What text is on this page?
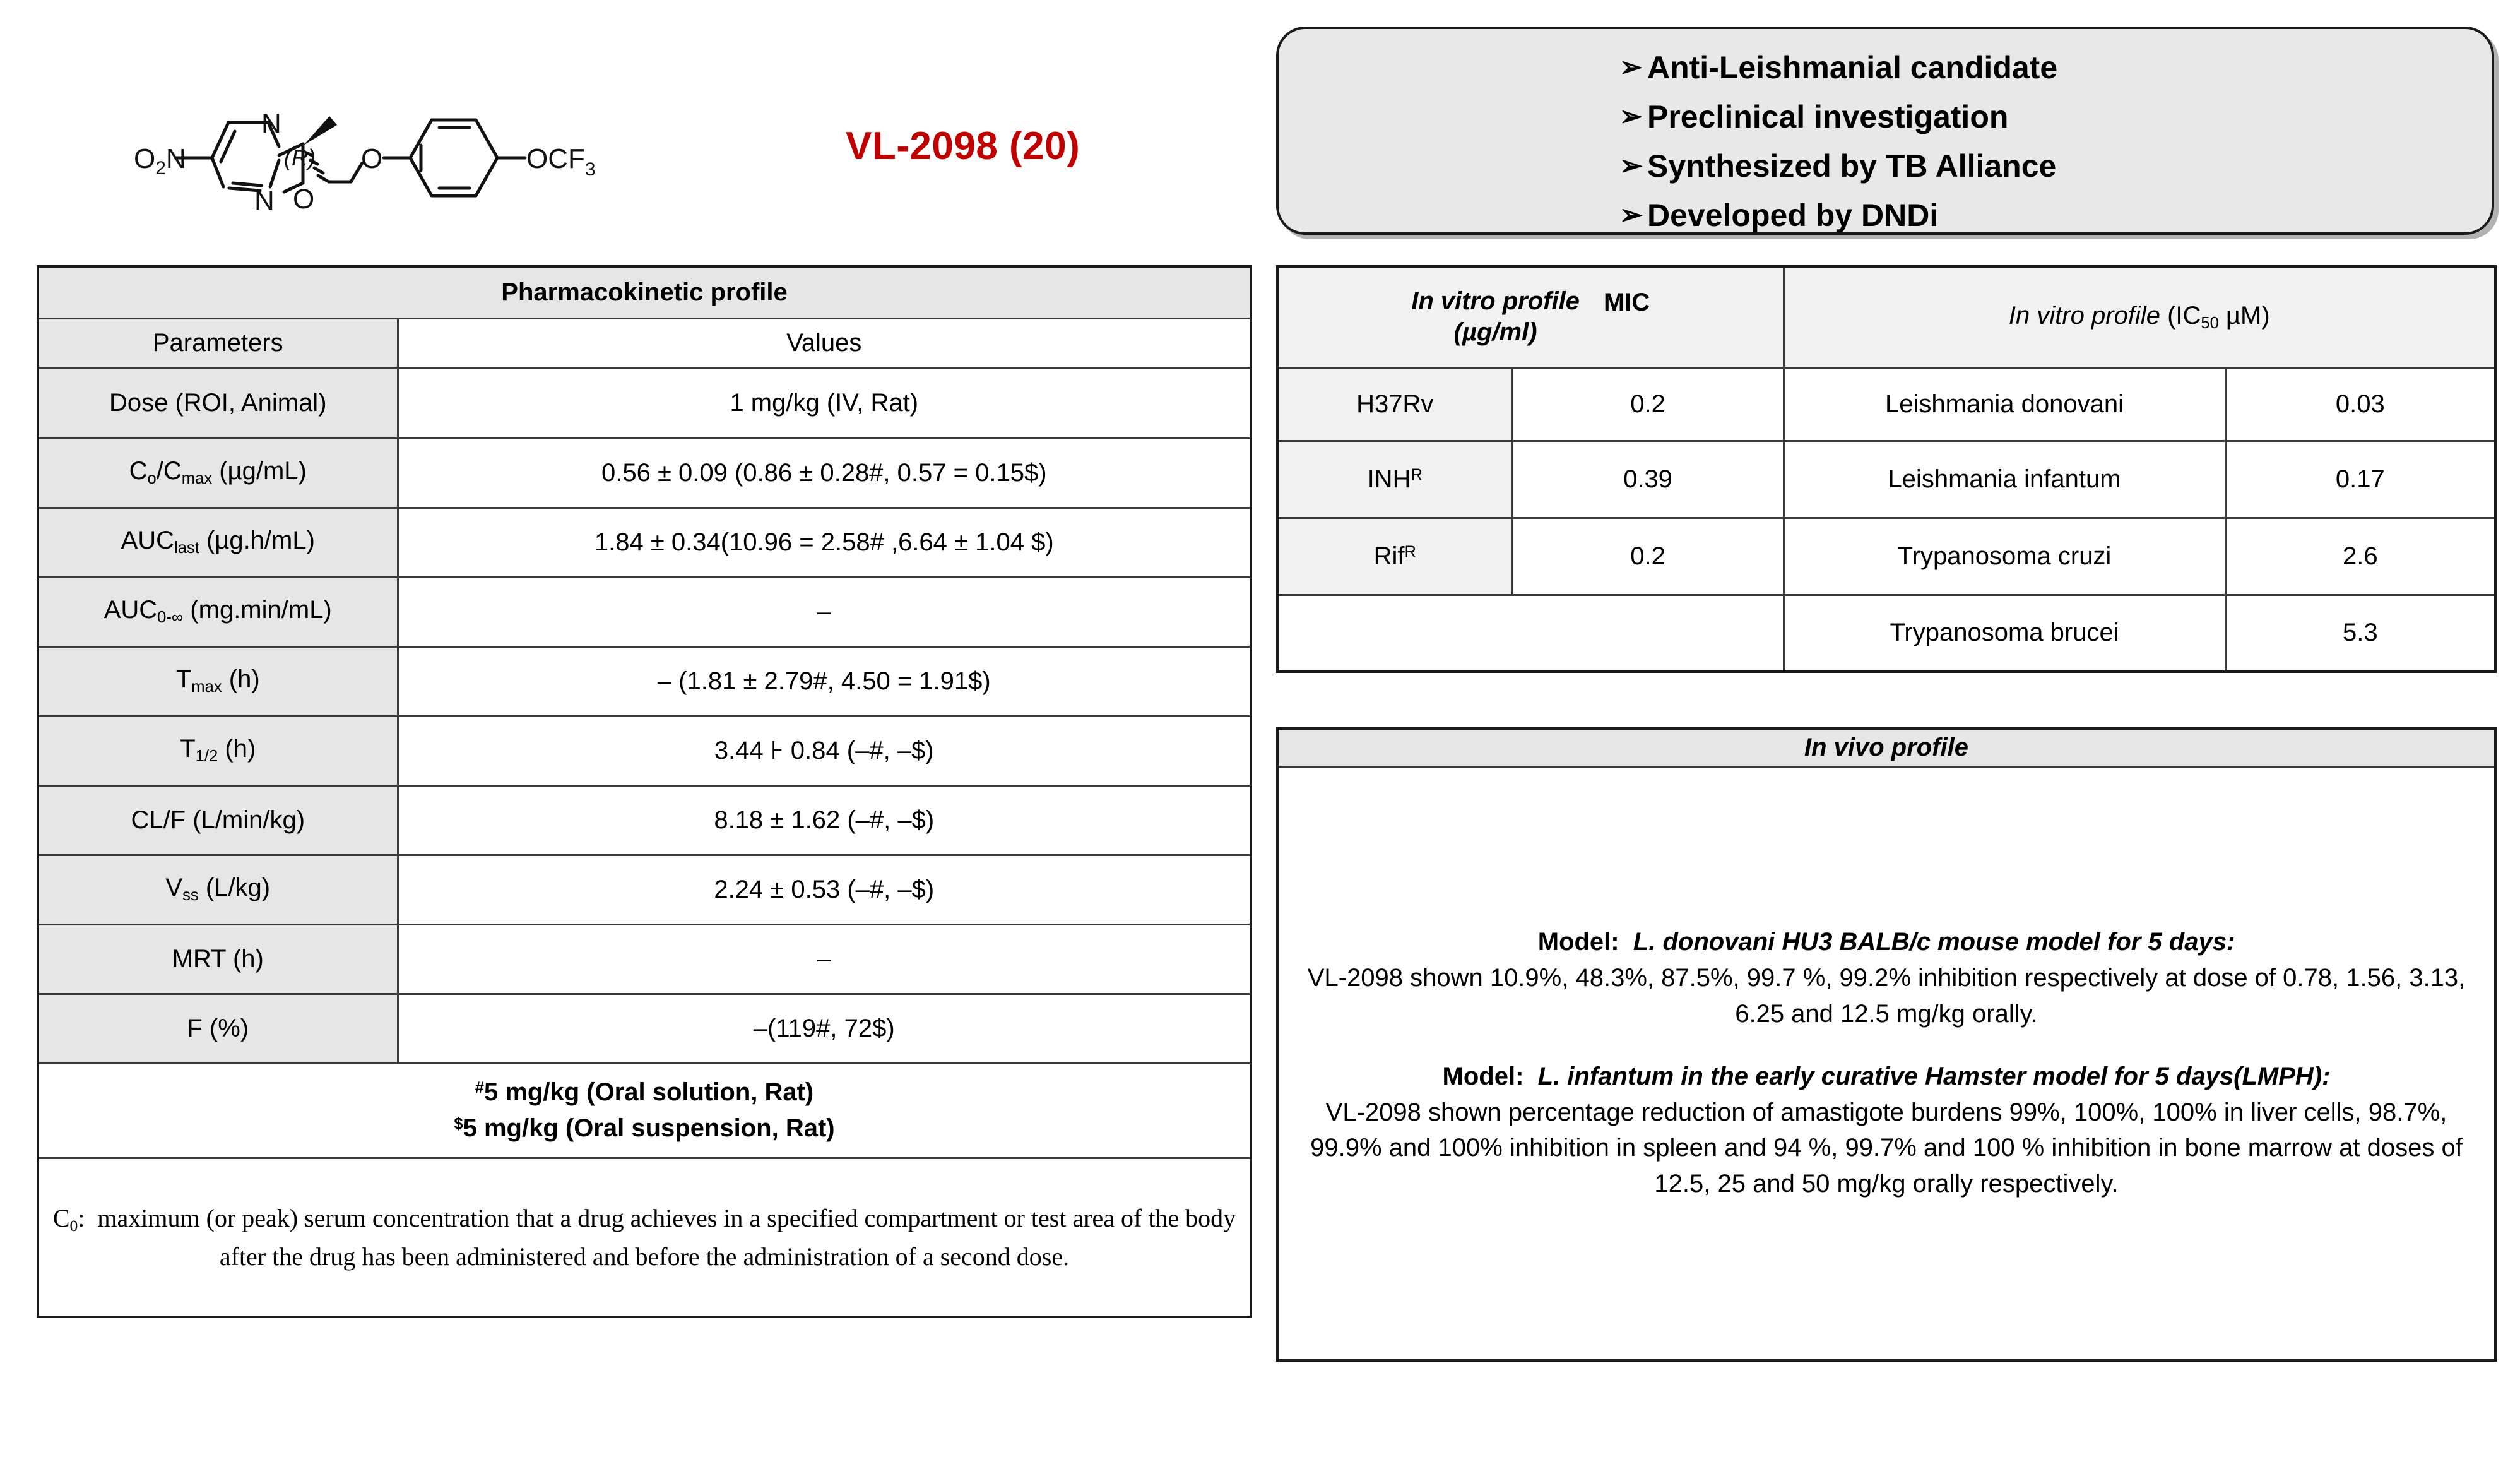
$O_2N$
N
N O
(R) O	$OCF_3$
VL-2098 (20)
➢ Anti-Leishmanial candidate
➢ Preclinical investigation
➢ Synthesized by TB Alliance
➢ Developed by DNDi
Pharmacokinetic profile	
Parameters	Values
Dose (ROI, Animal)	1 mg/kg (IV, Rat)
$C_o/C_{max}$ (µg/mL)	0.56 ± 0.09 (0.86 ± 0.28#, 0.57 = 0.15$)
$AUC_{last}$ (µg.h/mL)	1.84 ± 0.34(10.96 = 2.58# ,6.64 ± 1.04 $)
$AUC_{0-\infty}$ (mg.min/mL)	–
$T_{max}$ (h)	– (1.81 ± 2.79#, 4.50 = 1.91$)
$T_{1/2}$ (h)	3.44 ⊦ 0.84 (–#, –$)
CL/F (L/min/kg)	8.18 ± 1.62 (–#, –$)
$V_{ss}$ (L/kg)	2.24 ± 0.53 (–#, –$)
MRT (h)	–
F (%)	–(119#, 72$)
#5 mg/kg (Oral solution, Rat)
$5 mg/kg (Oral suspension, Rat)	
$C_0$:  maximum (or peak) serum concentration that a drug achieves in a specified compartment or test area of the body after the drug has been administered and before the administration of a second dose.	
In vitro profile
(µg/ml)
MIC		In vitro profile ($IC_{50}$ µM)	
H37Rv	0.2	Leishmania donovani	0.03
$INH^R$	0.39	Leishmania infantum	0.17
Rif$^R$	0.2	Trypanosoma cruzi	2.6
		Trypanosoma brucei	5.3
In vivo profile

Model: L. donovani HU3 BALB/c mouse model for 5 days:
VL-2098 shown 10.9%, 48.3%, 87.5%, 99.7 %, 99.2% inhibition respectively at dose of 0.78, 1.56, 3.13, 6.25 and 12.5 mg/kg orally.

Model: L. infantum in the early curative Hamster model for 5 days(LMPH):
VL-2098 shown percentage reduction of amastigote burdens 99%, 100%, 100% in liver cells, 98.7%, 99.9% and 100% inhibition in spleen and 94 %, 99.7% and 100 % inhibition in bone marrow at doses of 12.5, 25 and 50 mg/kg orally respectively.
